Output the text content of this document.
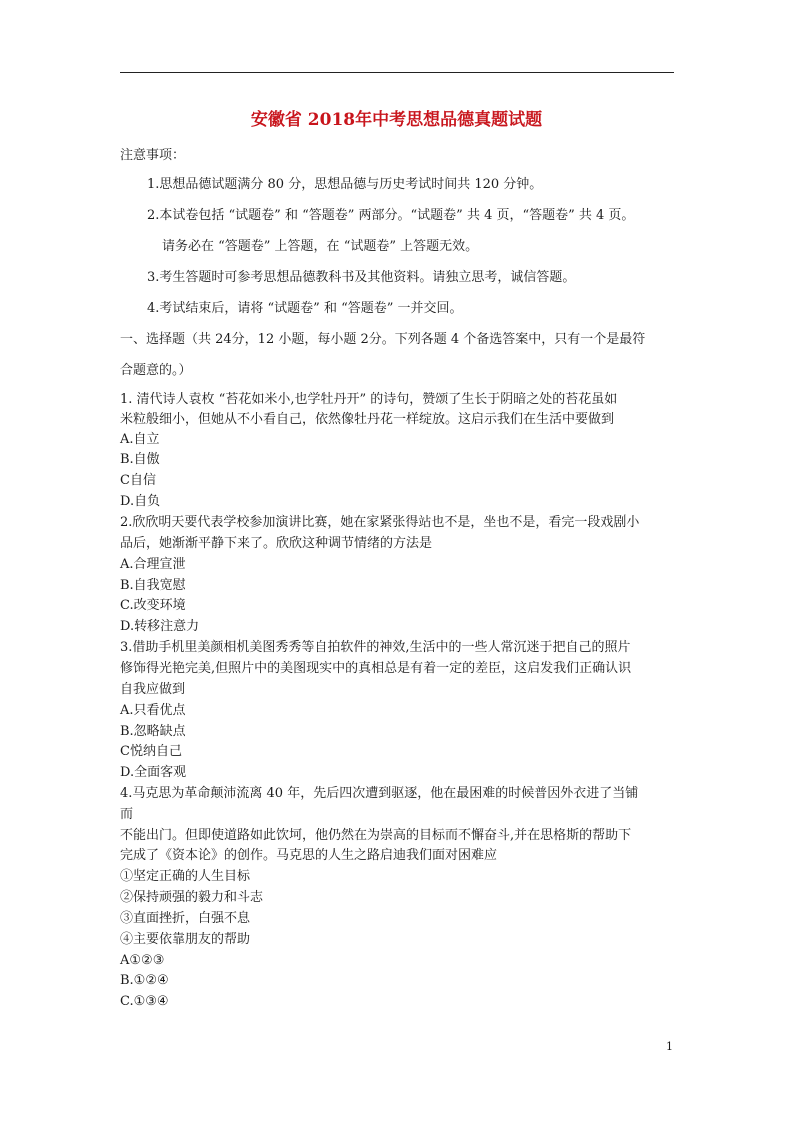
安徽省 2018年中考思想品德真题试题
注意事项：
1.思想品德试题满分 80 分，思想品德与历史考试时间共 120 分钟。
2.本试卷包括 “试题卷” 和 “答题卷” 两部分。“试题卷” 共 4 页，“答题卷” 共 4 页。
请务必在 “答题卷” 上答题，在 “试题卷” 上答题无效。
3.考生答题时可参考思想品德教科书及其他资料。请独立思考，诚信答题。
4.考试结束后，请将 “试题卷” 和 “答题卷” 一并交回。
一、选择题（共 24分，12 小题，每小题 2分。下列各题 4 个备选答案中，只有一个是最符
合题意的。）
1. 清代诗人袁枚 “苔花如米小,也学牡丹开” 的诗句，赞颂了生长于阴暗之处的苔花虽如
米粒般细小，但她从不小看自己，依然像牡丹花一样绽放。这启示我们在生活中要做到
A.自立
B.自傲
C自信
D.自负
2.欣欣明天要代表学校参加演讲比赛，她在家紧张得站也不是，坐也不是，看完一段戏剧小
品后，她渐渐平静下来了。欣欣这种调节情绪的方法是
A.合理宣泄
B.自我宽慰
C.改变环境
D.转移注意力
3.借助手机里美颜相机美图秀秀等自拍软件的神效,生活中的一些人常沉迷于把自己的照片
修饰得光艳完美,但照片中的美图现实中的真相总是有着一定的差臣，这启发我们正确认识
自我应做到
A.只看优点
B.忽略缺点
C悦纳自己
D.全面客观
4.马克思为革命颠沛流离 40 年，先后四次遭到驱逐，他在最困难的时候普因外衣进了当铺
而
不能出门。但即使道路如此饮坷，他仍然在为崇高的目标而不懈奋斗,并在思格斯的帮助下
完成了《资本论》的创作。马克思的人生之路启迪我们面对困难应
①坚定正确的人生目标
②保持顽强的毅力和斗志
③直面挫折，白强不息
④主要依靠朋友的帮助
A①②③
B.①②④
C.①③④
1
